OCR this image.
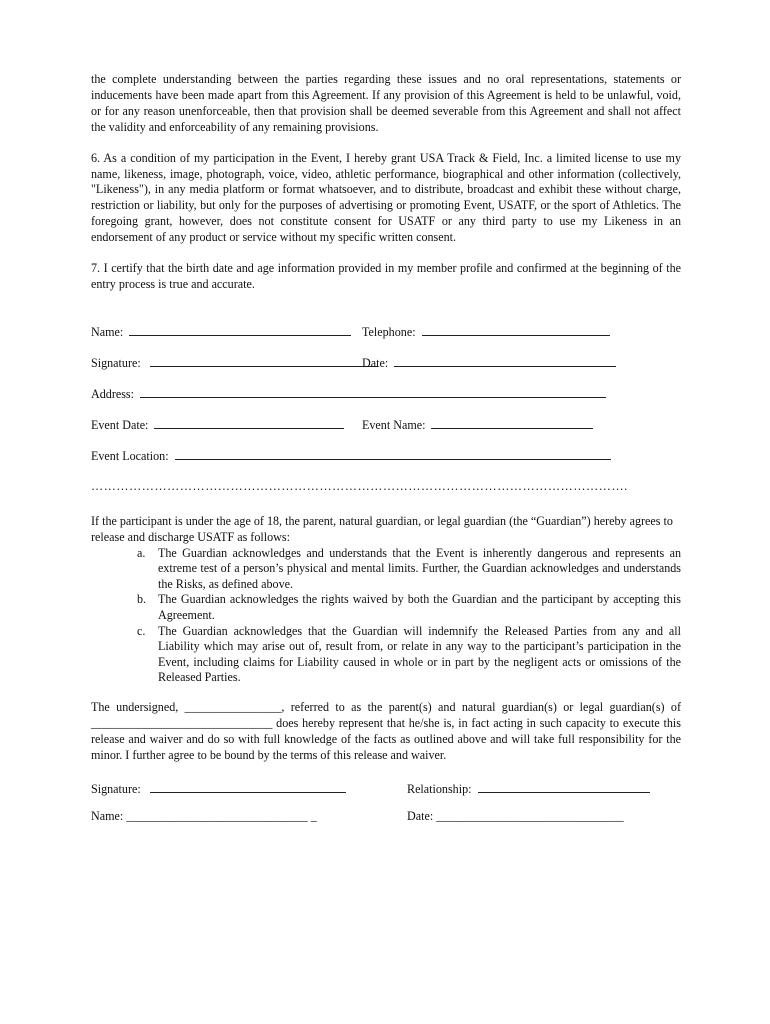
the complete understanding between the parties regarding these issues and no oral representations, statements or inducements have been made apart from this Agreement. If any provision of this Agreement is held to be unlawful, void, or for any reason unenforceable, then that provision shall be deemed severable from this Agreement and shall not affect the validity and enforceability of any remaining provisions.

6. As a condition of my participation in the Event, I hereby grant USA Track & Field, Inc. a limited license to use my name, likeness, image, photograph, voice, video, athletic performance, biographical and other information (collectively, "Likeness"), in any media platform or format whatsoever, and to distribute, broadcast and exhibit these without charge, restriction or liability, but only for the purposes of advertising or promoting Event, USATF, or the sport of Athletics. The foregoing grant, however, does not constitute consent for USATF or any third party to use my Likeness in an endorsement of any product or service without my specific written consent.

7. I certify that the birth date and age information provided in my member profile and confirmed at the beginning of the entry process is true and accurate.

Name:	Telephone:
Signature:	Date:
Address:
Event Date:	Event Name:
Event Location:
……………………………………………………………………………………………………………….

If the participant is under the age of 18, the parent, natural guardian, or legal guardian (the “Guardian”) hereby agrees to release and discharge USATF as follows:

a. The Guardian acknowledges and understands that the Event is inherently dangerous and represents an extreme test of a person’s physical and mental limits. Further, the Guardian acknowledges and understands the Risks, as defined above.
b. The Guardian acknowledges the rights waived by both the Guardian and the participant by accepting this Agreement.
c. The Guardian acknowledges that the Guardian will indemnify the Released Parties from any and all Liability which may arise out of, result from, or relate in any way to the participant’s participation in the Event, including claims for Liability caused in whole or in part by the negligent acts or omissions of the Released Parties.

The undersigned, ________________, referred to as the parent(s) and natural guardian(s) or legal guardian(s) of ______________________________ does hereby represent that he/she is, in fact acting in such capacity to execute this release and waiver and do so with full knowledge of the facts as outlined above and will take full responsibility for the minor. I further agree to be bound by the terms of this release and waiver.

Signature:	Relationship:
Name: ______________________________ _	Date: _______________________________
